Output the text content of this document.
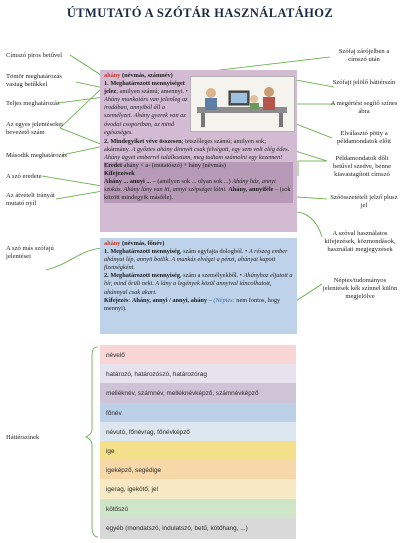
ÚTMUTATÓ A SZÓTÁR HASZNÁLATÁHOZ
Címszó piros betűvel
Tömör meghatározás vastag betűkkel
Teljes meghatározás
Az egyes jelentéseket bevezető szám
Második meghatározás
A szó eredete
Az átvételt irányát mutató nyíl
A szó más szófajú jelentései
Háttérszínek
Szófaj zárójelben a címszó után
Szófajt jelölő háttérszín
A megértést segítő színes ábra
Elválasztó pötty a példamondatok előtt
Példamondatok dőlt betűvel szedve, benne kiavastagított címszó
Szóösszetételt jelző plusz jel
A szóval használatos kifejezések, közmondások, használati megjegyzések
Népies/tudományos jelentések kék színnel külön megjelölve
ahány (névmás, számnév)
1. Meghatározott mennyiséget jelez; amilyen számú; amennyi. • Ahány munkatárs van jelenleg az irodában, annyiból áll a személyzet. Ahány gyerek van az óvodai csoportban, az mind egészséges.
2. Mindegyiket véve összesen; tetszőleges számú; amilyen sok; akármány. A győztes ahány dinnyét csak felvégott, egy sem volt elég édes. Ahány ügyet emberrel találkoztam, meg tudtam számolni egy kezemen!
Eredet ahány < a- (mutatószó) + hány (névmás)
Kifejezések
Ahány ... annyi ... – (amilyen sok ... olyan sok ...) Ahány ház, annyi szokás. Ahány lány van itt, annyi szépséget látni. Ahány, annyiféle – (sok között mindegyik másféle).
ahány (névmás, főnév)
1. Meghatározott mennyiség, szám egyfajta dologból. • A részeg ember ahányat lép, annyit botlik. A munkás elvégzi a pénzt, ahányat kapott fizetségként.
2. Meghatározott mennyiség, szám a személyekből. • Ahányhoz eljutott a hír, mind őrült neki. A lány a legények közül annyival táncolhatott, ahánnyal csak akart.
Kifejezés: Ahány, annyi / annyi, ahány – (Népies: nem fontos, hogy mennyi).
névelő
határozó, határozószó, határozórag
melléknév, számnév, melléknévképző, számnévképző
főnév
névutó, főnévrag, főnévképző
ige
igeképző, segédige
igerag, igekötő, jel
kötőszó
egyéb (mondatszó, indulatszó, betű, kötőhang, ...)
